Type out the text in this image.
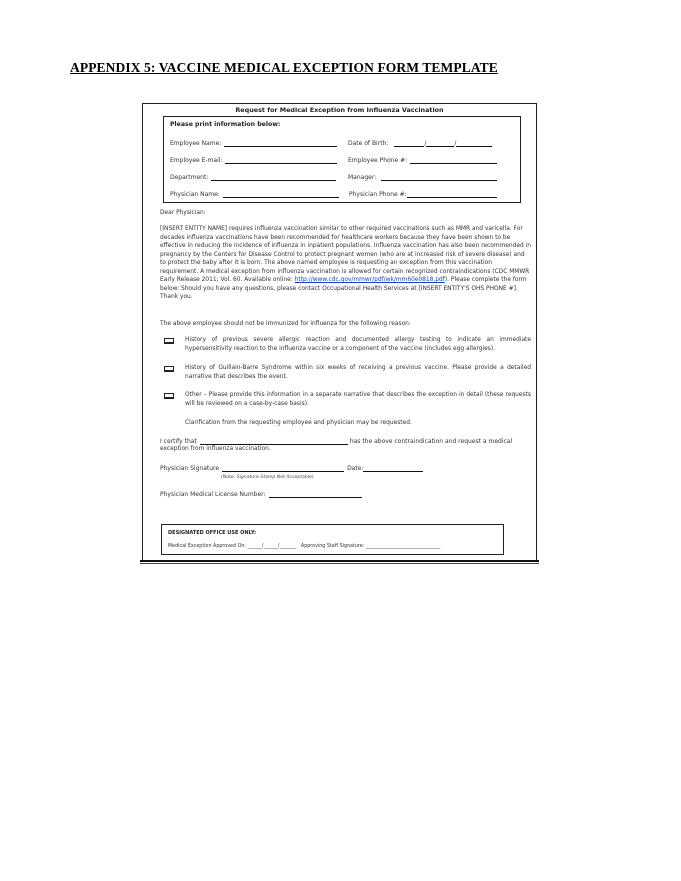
APPENDIX 5: VACCINE MEDICAL EXCEPTION FORM TEMPLATE
Request for Medical Exception from Influenza Vaccination
Please print information below:
Employee Name:	Date of Birth:	/	/
Employee E-mail:	Employee Phone #:
Department:	Manager:
Physician Name:	Physician Phone #:
Dear Physician:
[INSERT ENTITY NAME] requires influenza vaccination similar to other required vaccinations such as MMR and varicella. For decades influenza vaccinations have been recommended for healthcare workers because they have been shown to be effective in reducing the incidence of influenza in inpatient populations. Influenza vaccination has also been recommended in pregnancy by the Centers for Disease Control to protect pregnant women (who are at increased risk of severe disease) and to protect the baby after it is born. The above named employee is requesting an exception from this vaccination requirement. A medical exception from influenza vaccination is allowed for certain recognized contraindications (CDC MMWR Early Release 2011; Vol. 60. Available online: http://www.cdc.gov/mmwr/pdf/wk/mm60e0818.pdf). Please complete the form below: Should you have any questions, please contact Occupational Health Services at [INSERT ENTITY'S OHS PHONE #]. Thank you.
The above employee should not be immunized for influenza for the following reason:
History of previous severe allergic reaction and documented allergy testing to indicate an immediate hypersensitivity reaction to the influenza vaccine or a component of the vaccine (includes egg allergies).
History of Guillain-Barre Syndrome within six weeks of receiving a previous vaccine. Please provide a detailed narrative that describes the event.
Other – Please provide this information in a separate narrative that describes the exception in detail (these requests will be reviewed on a case-by-case basis).
Clarification from the requesting employee and physician may be requested.
I certify that	has the above contraindication and request a medical
exception from influenza vaccination.
Physician Signature	Date:
(Note: Signature Stamp Not Acceptable)
Physician Medical License Number:
DESIGNATED OFFICE USE ONLY:
Medical Exception Approved On: ______/______/_______ Approving Staff Signature: _______________________________
